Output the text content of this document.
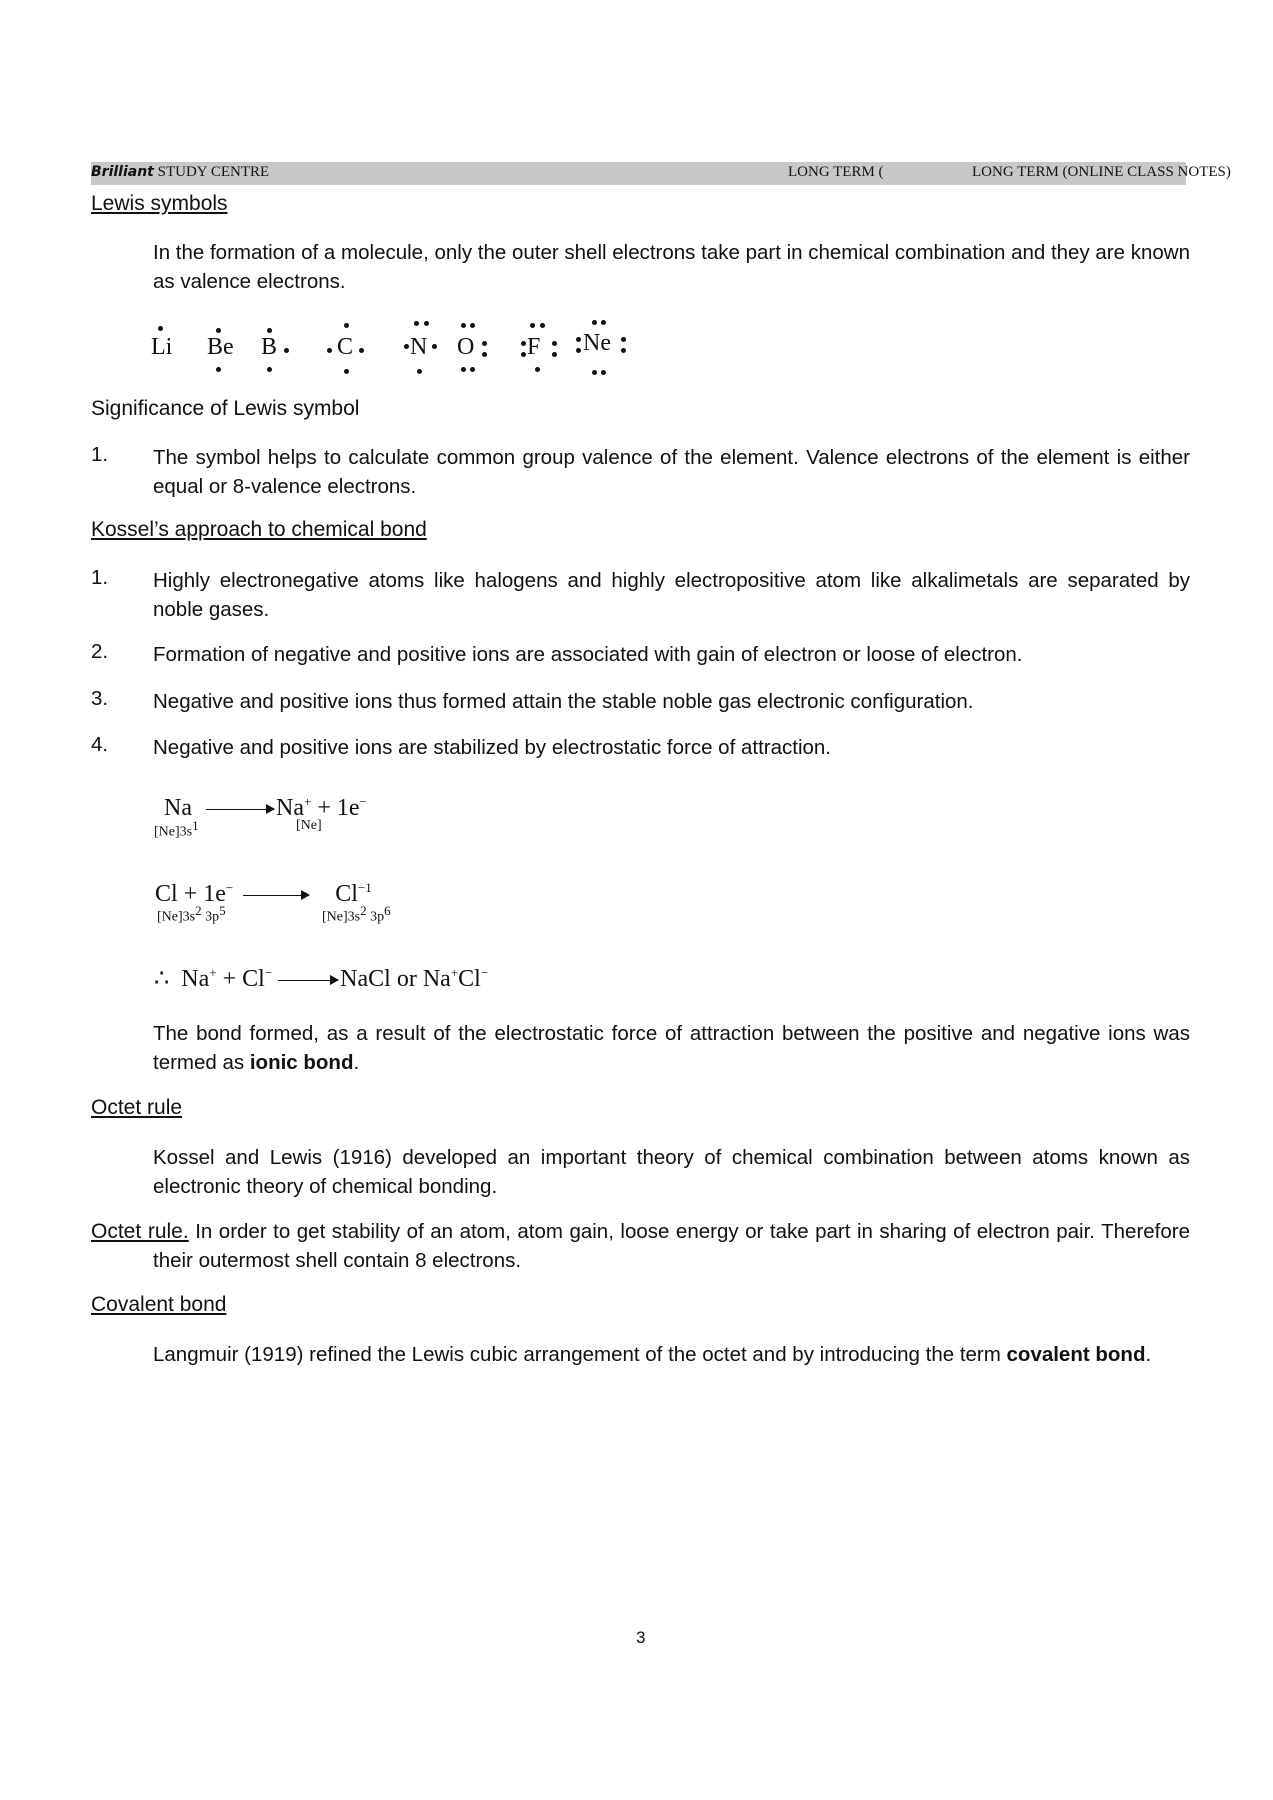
Brilliant STUDY CENTRE	LONG TERM (	LONG TERM (ONLINE CLASS NOTES)
Lewis symbols
In the formation of a molecule, only the outer shell electrons take part in chemical combination and they are known as valence electrons.
Li Be B C N O F Ne
Significance of Lewis symbol
1. The symbol helps to calculate common group valence of the element. Valence electrons of the element is either equal or 8-valence electrons.
Kossel’s approach to chemical bond
1. Highly electronegative atoms like halogens and highly electropositive atom like alkalimetals are separated by noble gases.
2. Formation of negative and positive ions are associated with gain of electron or loose of electron.
3. Negative and positive ions thus formed attain the stable noble gas electronic configuration.
4. Negative and positive ions are stabilized by electrostatic force of attraction.
Na → Na+ + 1e−
$[Ne]3s^1$	[Ne]
$Cl + 1e^- \to Cl^{-1}$
$[Ne]3s^2$ $3p^5$	$[Ne]3s^2$ $3p^6$
∴ Na+ + Cl− → NaCl or Na+Cl−
The bond formed, as a result of the electrostatic force of attraction between the positive and negative ions was termed as ionic bond.
Octet rule
Kossel and Lewis (1916) developed an important theory of chemical combination between atoms known as electronic theory of chemical bonding.
Octet rule. In order to get stability of an atom, atom gain, loose energy or take part in sharing of electron pair. Therefore their outermost shell contain 8 electrons.
Covalent bond
Langmuir (1919) refined the Lewis cubic arrangement of the octet and by introducing the term covalent bond.
3
